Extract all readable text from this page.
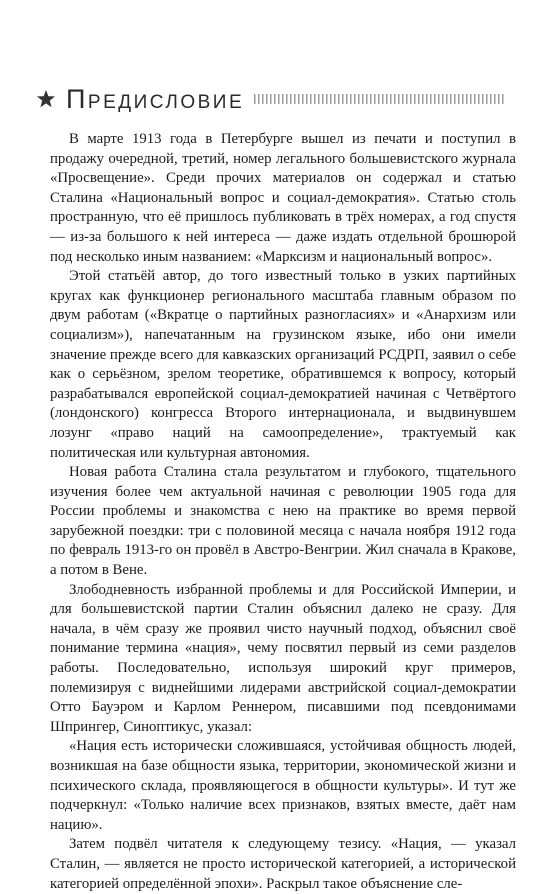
Предисловие

В марте 1913 года в Петербурге вышел из печати и поступил в продажу очередной, третий, номер легального большевистского журнала «Просвещение». Среди прочих материалов он содержал и статью Сталина «Национальный вопрос и социал-демократия». Статью столь пространную, что её пришлось публиковать в трёх номерах, а год спустя — из-за большого к ней интереса — даже издать отдельной брошюрой под несколько иным названием: «Марксизм и национальный вопрос».

Этой статьёй автор, до того известный только в узких партийных кругах как функционер регионального масштаба главным образом по двум работам («Вкратце о партийных разногласиях» и «Анархизм или социализм»), напечатанным на грузинском языке, ибо они имели значение прежде всего для кавказских организаций РСДРП, заявил о себе как о серьёзном, зрелом теоретике, обратившемся к вопросу, который разрабатывался европейской социал-демократией начиная с Четвёртого (лондонского) конгресса Второго интернационала, и выдвинувшем лозунг «право наций на самоопределение», трактуемый как политическая или культурная автономия.

Новая работа Сталина стала результатом и глубокого, тщательного изучения более чем актуальной начиная с революции 1905 года для России проблемы и знакомства с нею на практике во время первой зарубежной поездки: три с половиной месяца с начала ноября 1912 года по февраль 1913-го он провёл в Австро-Венгрии. Жил сначала в Кракове, а потом в Вене.

Злободневность избранной проблемы и для Российской Империи, и для большевистской партии Сталин объяснил далеко не сразу. Для начала, в чём сразу же проявил чисто научный подход, объяснил своё понимание термина «нация», чему посвятил первый из семи разделов работы. Последовательно, используя широкий круг примеров, полемизируя с виднейшими лидерами австрийской социал-демократии Отто Бауэром и Карлом Реннером, писавшими под псевдонимами Шпрингер, Синоптикус, указал:

«Нация есть исторически сложившаяся, устойчивая общность людей, возникшая на базе общности языка, территории, экономической жизни и психического склада, проявляющегося в общности культуры». И тут же подчеркнул: «Только наличие всех признаков, взятых вместе, даёт нам нацию».

Затем подвёл читателя к следующему тезису. «Нация, — указал Сталин, — является не просто исторической категорией, а исторической категорией определённой эпохи». Раскрыл такое объяснение сле-
